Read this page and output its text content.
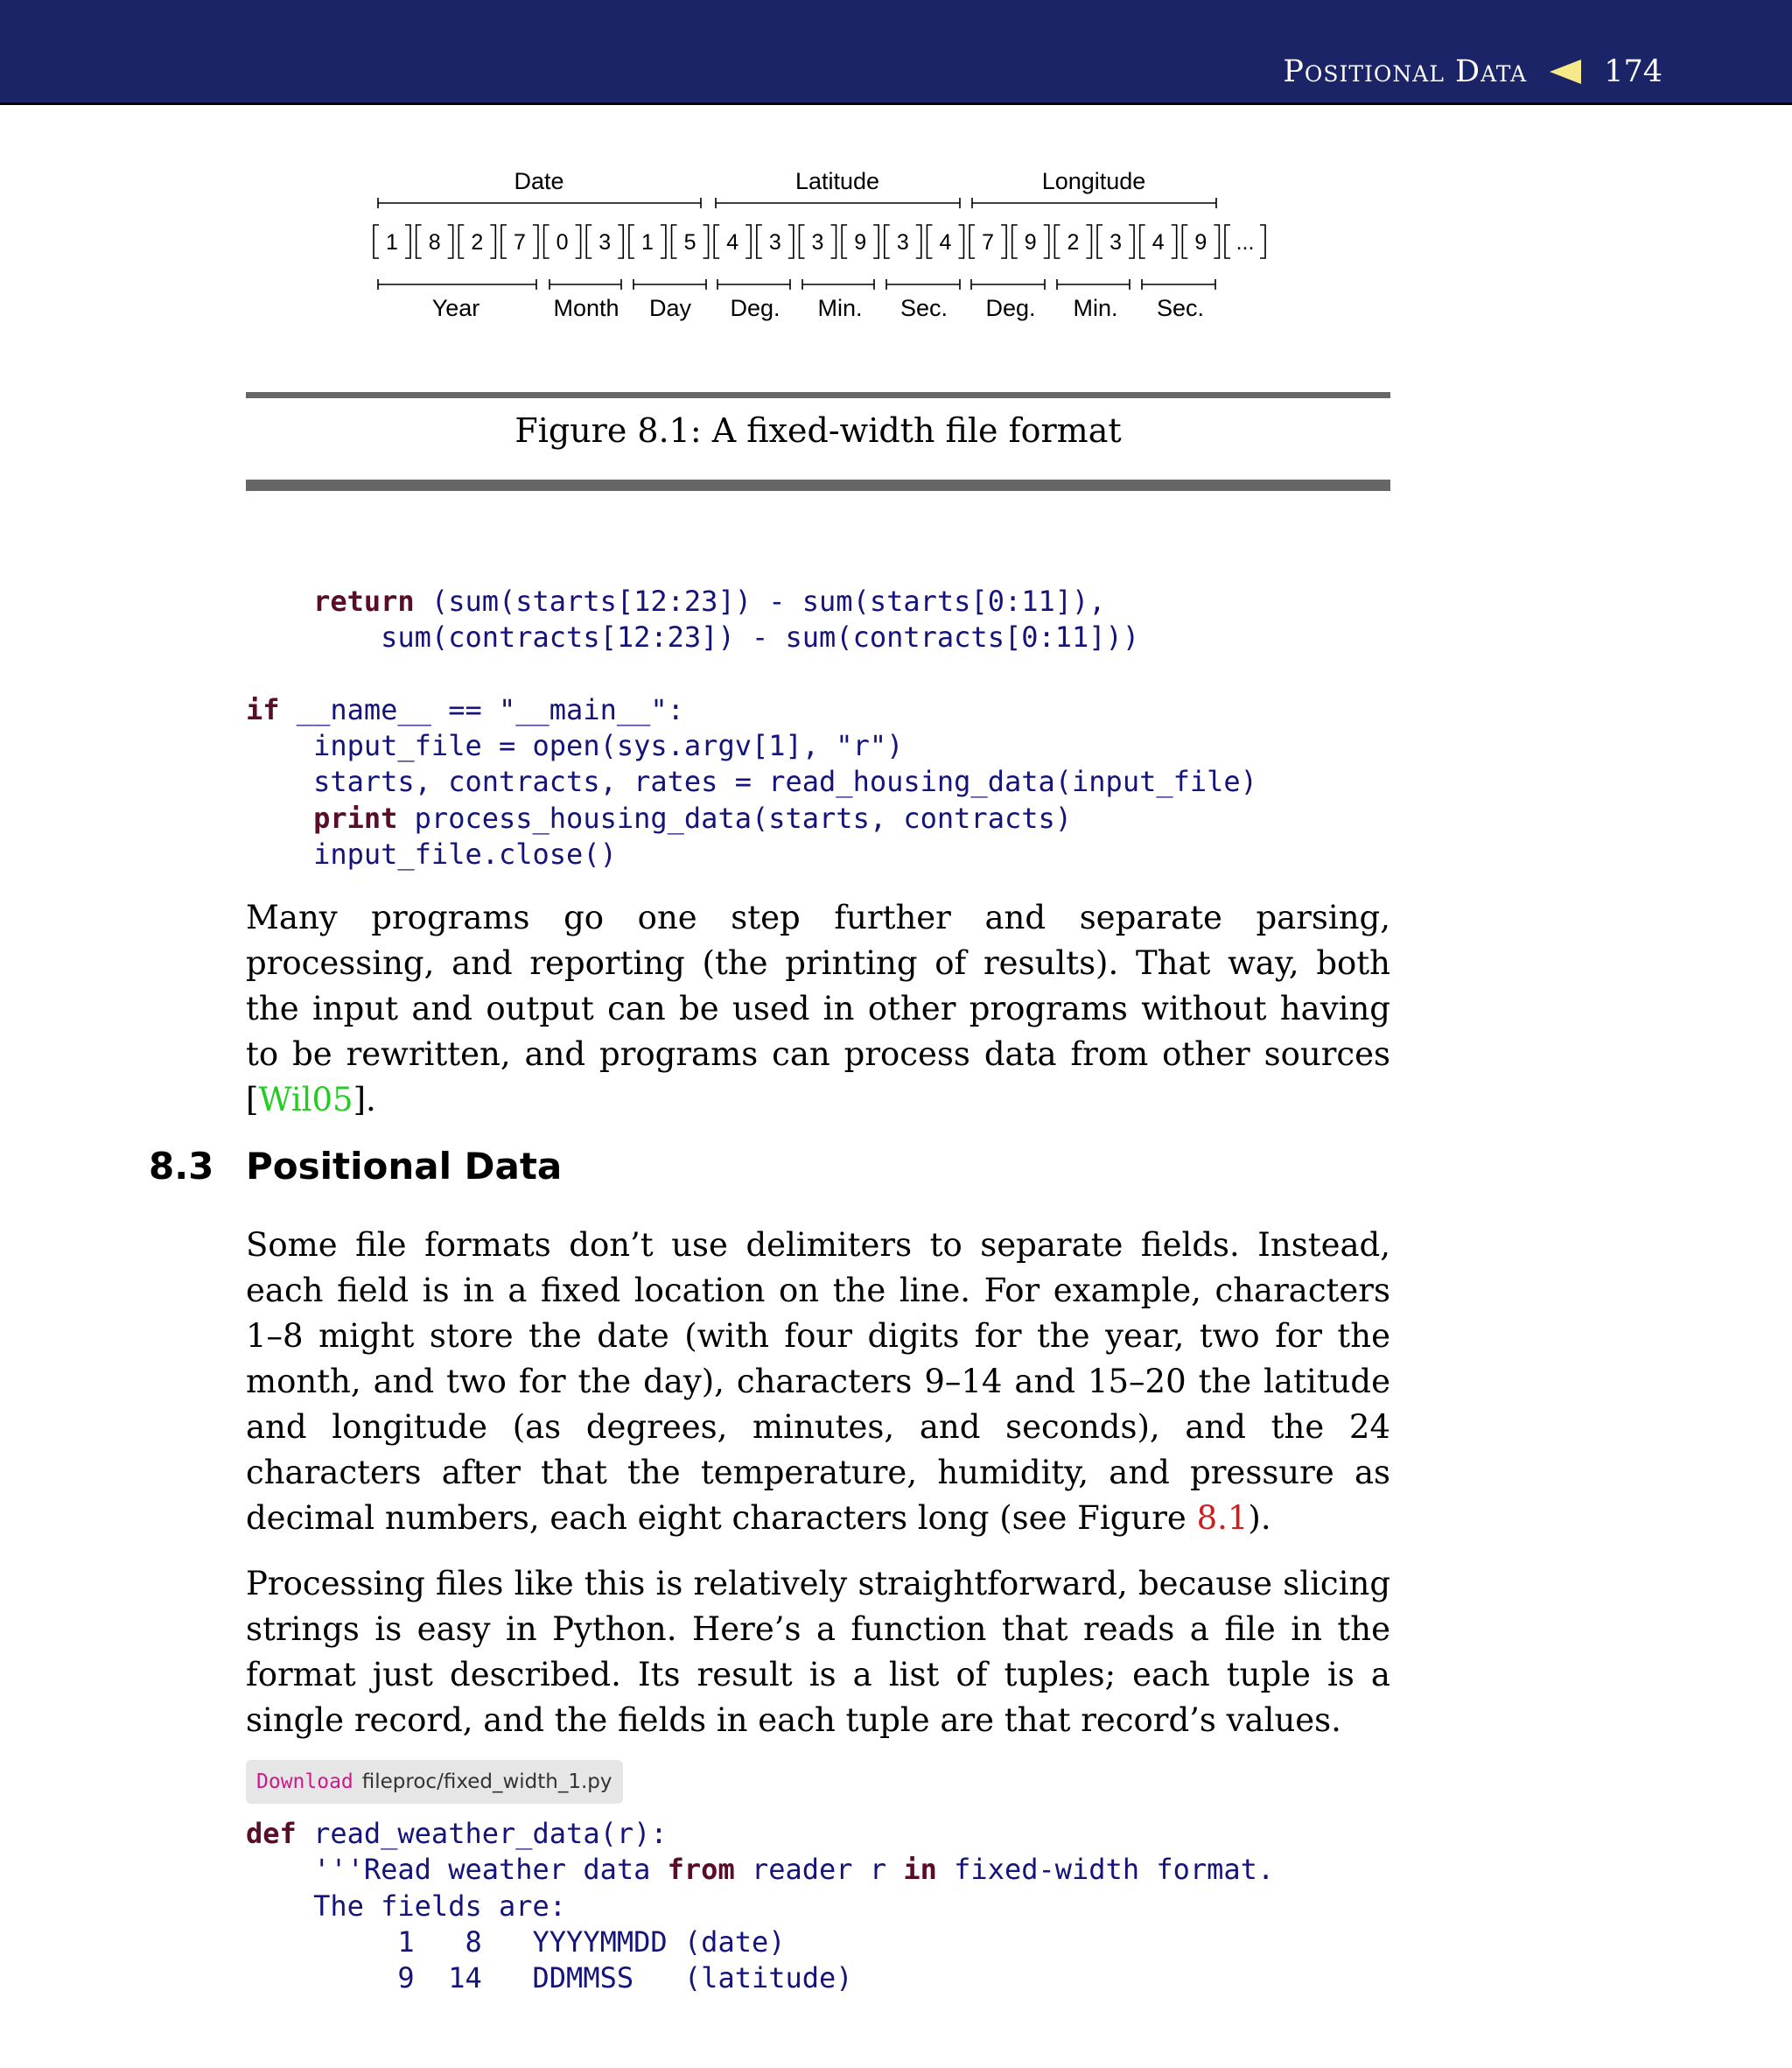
Positional Data	174
Date	Latitude	Longitude
1 8 2 7 0 3 1 5 4 3 3 9 3 4 7 9 2 3 4 9 ...
Year	Month Day Deg. Min. Sec. Deg. Min. Sec.
Figure 8.1: A fixed-width file format
return (sum(starts[12:23]) - sum(starts[0:11]),
sum(contracts[12:23]) - sum(contracts[0:11]))

if __name__ == "__main__":
input_file = open(sys.argv[1], "r")
starts, contracts, rates = read_housing_data(input_file)
print process_housing_data(starts, contracts)
input_file.close()

Many programs go one step further and separate parsing, processing, and reporting (the printing of results). That way, both the input and output can be used in other programs without having to be rewritten, and programs can process data from other sources [Wil05].

8.3 Positional Data

Some file formats don’t use delimiters to separate fields. Instead, each field is in a fixed location on the line. For example, characters 1–8 might store the date (with four digits for the year, two for the month, and two for the day), characters 9–14 and 15–20 the latitude and longitude (as degrees, minutes, and seconds), and the 24 characters after that the temperature, humidity, and pressure as decimal numbers, each eight characters long (see Figure 8.1).

Processing files like this is relatively straightforward, because slicing strings is easy in Python. Here’s a function that reads a file in the format just described. Its result is a list of tuples; each tuple is a single record, and the fields in each tuple are that record’s values.

Download fileproc/fixed_width_1.py
def read_weather_data(r):
'''Read weather data from reader r in fixed-width format.
The fields are:
1   8   YYYYMMDD (date)
9  14   DDMMSS   (latitude)
